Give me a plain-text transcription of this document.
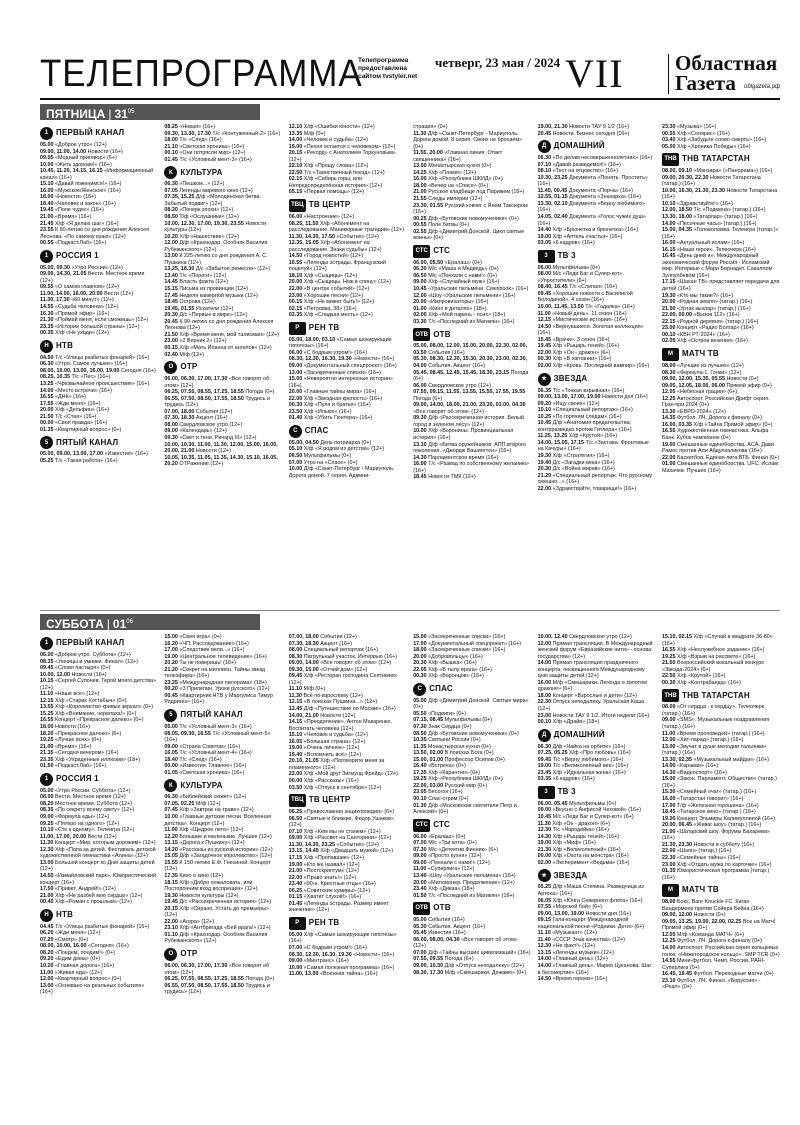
ТЕЛЕПРОГРАММА
Телепрограмма предоставлена сайтом tvstyler.net
четверг, 23 мая / 2024 VII Областная Газета	oblgazeta.рф
ПЯТНИЦА | $31^{05}$
1 ПЕРВЫЙ КАНАЛ
05.00 «Доброе утро» (12+)
09.00, 11.00, 14.00 Новости (16+)
09.05 «Модный приговор» (6+)
10.00 «Жить здорово!» (16+)
10.45, 11.20, 14.15, 16.15 «Информационный канал» (16+)
15.10 «Давай поженимся!» (16+)
16.00 «Мужское/Женское» (16+)
18.00 «Новости» (16+)
18.40 «Человек и закон» (16+)
19.45 «Поле чудес» (16+)
21.00 «Время» (16+)
21.45 Х/ф «Я делаю шаг» (16+)
23.55 К 90-летию со дня рождения Алексея Леонова. «По самому краю» (12+)
00.55 «Подкаст.Лаб» (16+)
1 РОССИЯ 1
05.00, 09.30 «Утро России» (12+)
09.00, 14.30, 21.05 Вести. Местное время (12+)
09.55 «О самом главном» (12+)
11.00, 14.00, 16.00, 20.00 Вести (12+)
11.30, 17.30 «60 минут» (12+)
14.55 «Судьба человека» (12+)
16.30 «Прямой эфир» (16+)
21.30 «Поймай меня, если сможешь» (12+)
23.35 «Истории большой страны» (12+)
00.35 Х/ф «Не уходи» (12+)
Н НТВ
04.50 Т/с «Улицы разбитых фонарей» (16+)
06.30 «Утро. Самое лучшее» (16+)
08.00, 10.00, 13.00, 16.00, 19.00 Сегодня (16+)
08.25, 10.35 Т/с «Пес» (16+)
13.25 «Чрезвычайное происшествие» (16+)
14.00 «Место встречи» (16+)
16.55 «ДНК» (16+)
17.55 «Жди меня» (16+)
20.00 Х/ф «Дельфин» (16+)
21.50 Т/с «Стая» (16+)
00.00 «Своя правда» (16+)
01.35 «Квартирный вопрос» (0+)
5 ПЯТЫЙ КАНАЛ
05.00, 09.00, 13.00, 17.00 «Известия» (16+)
05.25 Т/с «Такая работа» (16+)
08.25 «Новая» (16+)
09.30, 13.30, 17.30 Т/с «Контуженный-2» (16+)
18.00 Т/с «След» (16+)
21.10 «Светская хроника» (16+)
00.10 «Они потрясли мир» (12+)
01.45 Т/с «Условный мент-3» (16+)
К КУЛЬТУРА
06.30 «Пешком...» (12+)
07.05 Легенды мирового кино (12+)
07.35, 15.25 Д/ф «Молодинская битва. Забытый подвиг» (12+)
08.20 «Почерк эпохи» (12+)
08.50 Т/ф «Ослушники» (12+)
10.00, 12.30, 17.00, 19.30, 23.55 Новости культуры (12+)
10.20 Х/ф «Нашествие» (12+)
12.00 Д/ф «Краснодар. Особняк Василия Рубежанского» (12+)
13.00 К 225-летию со дня рождения А. С. Пушкина (12+)
13.25, 18.30 Д/с «Забытое ремесло» (12+)
13.40 Т/с «Пороги» (12+)
14.45 Власть факта (12+)
15.15 Письма из провинции (12+)
17.45 Неделя камерной музыки (12+)
18.45 Острова (12+)
19.45, 01.55 Искатели (12+)
20.30 Д/с «Первые в мире» (12+)
20.45 К 90-летию со дня рождения Алексея Леонова (12+)
21.50 Х/ф «Время меня, мой талисман» (12+)
23.00 «2 Верник 2» (12+)
00.15 Х/ф «Мать Иоанна от ангелов» (12+)
02.40 М/ф (12+)
О ОТР
06.00, 06.30, 17.00, 17.30 «Все говорят об этом» (12+)
06.25, 07.55, 08.55, 17.25, 18.55 Погода (0+)
06.55, 07.50, 08.50, 17.55, 18.50 Трудись и трудись (12+)
07.00, 18.00 События (12+)
07.30, 18.30 Акцент (16+)
08.00 Свердловское утро (12+)
09.00 «Календарь» (12+)
09.30 «Свет и тени. Ричард III» (12+)
10.00, 10.30, 11.00, 11.30, 12.00, 15.00, 16.00, 20.00, 21.00 Новости (12+)
10.05, 10.35, 11.05, 11.35, 14.30, 15.10, 16.05, 20.20 ОТРажение (12+)
12.10 Х/ф «Ошибки юности» (12+)
13.35 М/ф (0+)
14.00 «Человек и судьба» (12+)
19.00 «Песня остается с человеком» (12+)
20.15 «Рекорд» с Анатолием Торкуновым» (12+)
22.10 Х/ф «Прощу слова» (12+)
22.50 Т/с «Таинственный поезд» (12+)
02.15 Х/ф «Сибирь горы, или Непредопределённая история» (12+)
05.15 «Первая помощь» (12+)
ТВЦ ТВ ЦЕНТР
06.00 «Настроение» (12+)
08.25, 11.50 Х/ф «Абонемент на расследование. Маникюрные трагедии» (12+)
11.30, 14.30, 17.50 «События» (12+)
12.35, 15.05 Х/ф «Абонемент на расследование. Знаки судьбы» (12+)
14.50 «Город новостей» (12+)
16.55 «Легенды эстрады. Французский поцелуй» (12+)
18.10 Х/ф «Сыщицы» (12+)
20.00 Х/ф «Сыщицы. Нож в спину» (12+)
22.00 «В центре событий» (12+)
23.00 «Хорошие песни» (12+)
00.15 Х/ф «Не может быть!» (12+)
02.15 «Петровка, 38» (16+)
02.35 Х/ф «Сладкая месть» (12+)
Р	РЕН ТВ
05.00, 18.00, 03.10 «Самые шокирующие гипотезы» (16+)
06.00 «С бодрым утром!» (16+)
08.30, 12.30, 16.30, 19.30 «Новости» (16+)
09.00 «Документальный спецпроект» (16+)
13.00 «Засекреченные списки» (16+)
15.00 «Невероятно интересные истории» (16+)
20.00 «Главные тайны мира» (16+)
22.00 Х/ф «Звездная крепость» (16+)
00.30 Х/ф «Пуля и братья» (16+)
23.50 Х/ф «Ильюх» (16+)
01.40 Х/ф «Убить Гюнтера» (16+)
С СПАС
05.00, 04.50 День патриарха (0+)
05.10 Х/ф «Я родом из детства» (12+)
06.50 Мультфильмы (0+)
07.00 Утро на «Спасе» (0+)
10.00 Д/ф «Санкт-Петербург - Мариуполь. Дорога домой. 7 серия. Админи-
страция» (0+)
11.30 Д/ф «Санкт-Петербург - Мариуполь. Дорога домой. 8 серия. Своих не бросаем» (0+)
11.55, 20.00 «Главная линия. Ответ священника» (16+)
13.00 Монастырская кухня (0+)
14.25 Х/ф «Пламя» (12+)
16.00 Х/ф «Республика ШКИД» (0+)
18.00 «Вечер на «Спасе» (0+)
21.00 Русское кладбище под Парижем (16+)
21.55 Следы империи (12+)
23.30, 01.55 Русский ковчег с Яном Таксюром (16+)
00.25 Д/ф «Бутовские новомученики» (0+)
00.55 Поле битвы (0+)
02.55 Д/ф «Димитрий Донской. Цикл святые воины» (0+)
СТС СТС
06.00, 05.50 «Ералаш» (0+)
06.30 М/с «Маша и Медведь» (0+)
06.50 М/с «Поехали с нами!» (0+)
09.00 Х/ф «Случайный муж» (16+)
10.45 «Уральские пельмени. Смехbook» (16+)
12.00 «Шоу «Уральские пельмени» (16+)
20.00 «Импровизаторы» (16+)
01.00 «Кино в деталях» (18+)
02.00 Х/ф «Мой парень - псих» (18+)
03.30 Т/с «Последний из Магикян» (16+)
ОТВ ОТВ
05.00, 08.00, 12.00, 15.00, 20.00, 22.30, 02.00, 03.50 События (16+)
05.30, 08.30, 12.30, 15.30, 20.30, 23.00, 02.30, 04.00 События. Акцент (16+)
05.45, 08.45, 12.45, 15.45, 18.30, 23.15 Погода (6+)
06.00 Свердловское утро (12+)
07.55, 09.15, 11.55, 13.55, 15.55, 17.55, 19.55 Погода (6+)
09.00, 14.00, 18.00, 21.00, 23.30, 03.00, 04.30 «Все говорят об этом» (12+)
09.30 Д/ф «Рассекреченная история. Белый город в зеленом лесу» (12+)
10.00 Х/ф «Воронины. Провинциальная история» (16+)
13.10 Д/ф «Битва оружейников. АПП второго поколения. «Джордж Вашингтон» (16+)
14.30 Парламентское время (16+)
16.00 Т/с «Развод по собственному желанию» (16+)
18.45 Новости ТМК (12+)
19.00, 21.30 Новости ТАУ 9 1/2 (16+)
20.45 Новости. Бизнес сегодня (16+)
Д ДОМАШНИЙ
06.30 «По делам несовершеннолетних» (16+)
07.10 «Давай разведемся!» (16+)
08.10 «Тест на отцовство» (16+)
10.30, 23.25 Документа «Понять. Простить» (16+)
11.45, 00.45 Документа «Порча» (16+)
12.55, 01.15 Документа «Знахарка» (16+)
13.30, 02.10 Документа «Верну любимого» (16+)
14.05, 02.40 Документа «Голос чужих душ» (16+)
14.40 Х/ф «Брюнетка и брюнетка» (16+)
19.00 Х/ф «Аптель счастья» (16+)
03.05 «6 кадров» (16+)
3	ТВ 3
06.00 Мультфильмы (0+)
08.00 М/с «Леди Баг и Супер-кот». «Упростители» (6+)
08.40, 16.45 Т/с «Слепая» (16+)
09.45 «Хорошие новости с Василисой Володиной». 4 сезон (16+)
10.00, 11.45, 13.50 Т/с «Гадалка» (16+)
11.00 «Новый день». 11 сезон (16+)
12.15 «Мистические истории» (16+)
14.50 «Вернувшиеся. Золотая коллекция» (16+)
15.45 «Врачи». 3 сезон (16+)
19.45 Х/ф «Рыцарь теней» (16+)
22.00 Х/ф «Он - дракон» (6+)
00.30 Х/ф «В изгнании» (16+)
02.00 Х/ф «Кровь. Последний вампир» (16+)
★ ЗВЕЗДА
06.35 Т/с «Тонкая взрывная» (16+)
09.00, 13.00, 17.00, 19.00 Новости дня (16+)
09.20 «Ищу своих» (12+)
10.10 «Специальный репортаж» (16+)
10.25 «По горячим следам» (16+)
10.45 Д/ф «Анатомия предательства: контрразведка против Гитлера» (16+)
11.25, 13.25 Х/ф «Крутой» (16+)
14.00, 15.05, 17.15 Т/с «Застава. Фронтовые на Качуры» (16+)
19.30 Х/ф «Стратегия» (16+)
19.40 Д/с «Загадки века» (16+)
20.30 Д/с «Война миров» (16+)
21.20 «Специальный репортаж. Что русскому смешно...» (16+)
22.00 «Здравствуйте, товарищи!» (16+)
23.30 «Музыка» (16+)
00.55 Х/ф «Солярис» (16+)
03.40 Х/ф «Забудьте слово смерть» (16+)
05.00 Х/ф «Хроника Победы» (16+)
ТНВ ТНВ ТАТАРСТАН
08.00, 09.10 «Манзара» («Панорама») (16+)
09.00, 20.30, 22.30 Новости Татарстана (татар.) (16+)
10.00, 16.30, 21.30, 23.30 Новости Татарстана (16+)
10.10 «Здравствуйте!» (16+)
12.00, 18.50 Т/с «Подмена» (татар.) (16+)
13.30, 18.00 «Татарлар» (татар.) (16+)
14.00 «Песочные часы» (татар.) (16+)
15.00, 04.35 «Головоломка. Телеигра (татар.)» (16+)
16.00 «Актуальный ислам» (16+)
16.15 «Наши герои». Телеочерк (16+)
16.45 «День дней и». Международный экономический форум Россия - Исламский мир. Интервью с Мари Бернадет. Сакаллом Зулпулбевом (16+)
17.15 «Шахан ТВ» представляет передачи для детей (16+)
19.30 «Кто мы такие?» (16+)
20.00 «Родная земля» (татар.) (16+)
21.00 «Уртак кызлар» (татар.) (16+)
22.00, 00.00 «Вызов 112» (16+)
22.15 «Родной деревня» (татар.) (16+)
23.00 Концерт «Радио Болгар» (16+)
00.10 «КВН РТ-2024» (16+)
02.05 Х/ф «Остров везения» (16+)
М	МАТЧ ТВ
08.00 «Лучшие из лучших» (12+)
08.30 «Формула-1. Гонки» (12+)
09.00, 12.00, 15.35, 05.55 Новости (0+)
09.05, 12.05, 18.00, 06.00 Прямой эфир (0+)
12.05 «Небесная грация» (6+)
12.25 Автоспорт. Российская Дрифт серия. Гран-при 2024 (0+)
13.30 «ЕВРО-2024» (12+)
14.35 Футбол. ЛЧ. Дорога к финалу (0+)
16.00, 03.35 Х/ф «Тайна Прямой эфир» (0+)
16.55 Художественная гимнастика. Альфа Банк. Кубок чемпионок (0+)
19.00 Смешанные единоборства. ACA. Дави Рамос против Али Абдулхаликова (16+)
22.00 Баскетбол. Единая лига ВТБ. Финал (0+)
01.00 Смешанные единоборства. UFC. Ислам Махачев. Пучшее (16+)
СУББОТА | $01^{06}$
1 ПЕРВЫЙ КАНАЛ
06.00 «Доброе утро. Суббота» (12+)
08.35 «Умницы и умники. Финал» (12+)
09.45 «Слово пастыря» (0+)
10.00, 12.00 Новости (16+)
10.15 «Сергей Супонев. Герой моего детства» (12+)
11.10 «Наше все» (12+)
12.15 Х/ф «Старик Хоттабыч» (0+)
13.55 Х/ф «Королевство кривых зеркал» (0+)
15.25 Х/ф «Внимание, черепаха!» (0+)
16.55 Концерт «Прекрасное далеко» (0+)
18.00 Новости (16+)
18.20 «Прекрасное далеко» (6+)
19.25 «Лучше всех» (0+)
21.00 «Время» (16+)
21.35 «Сегодня вечером» (16+)
23.35 Х/ф «Украденные иллюзии» (18+)
01.50 «Подкаст.Лаб» (16+)
1 РОССИЯ 1
05.00 «Утро России. Суббота» (12+)
08.00 Вести. Местное время (12+)
08.20 Местное время. Суббота (12+)
08.35 «По секрету всему свету» (12+)
09.00 «Формула еды» (12+)
09.25 «Пятеро на одного» (12+)
10.10 «Сто к одному». Телеигра (12+)
11.00, 17.00, 20.00 Вести (12+)
11.30 Концерт «Мир, которым дорожим» (12+)
12.30 Х/ф «Папа за детей. Фестиваль детской художественной гимнастики «Алина» (12+)
13.00 Большой концерт ко Дню защиты детей (12+)
14.50 «Измайловский парк». Юмористический концерт (16+)
17.50 «Привет, Андрей!» (12+)
21.00 Х/ф «Не разбей мое сердце» (12+)
00.40 Х/ф «Роман с прошлым» (12+)
Н НТВ
04.45 Т/с «Улицы разбитых фонарей» (16+)
06.20 «Жди меня» (12+)
07.20 «Смотр» (0+)
08.00, 10.00, 16.00 «Сегодня» (16+)
08.20 «Поедем, поедим!» (0+)
09.20 «Едим дома» (0+)
10.20 «Главная дорога» (16+)
11.00 «Живая еда» (12+)
12.00 «Квартирный вопрос» (0+)
13.00 «Основано на реальных событиях» (16+)
15.00 «Своя игра» (0+)
16.20 «ЧП. Расследование» (16+)
17.00 «Следствие вели...» (16+)
19.00 «Центральное телевидение» (16+)
20.20 Ты не поверишь! (16+)
21.20 «Секрет на миллион. Тайны звезд телеэфира» (16+)
23.25 «Международная пилорама» (18+)
00.20 «З Прилепин. Уроки русского» (12+)
00.45 «Квартирник НТВ у Маргулиса Тимур Родригез» (16+)
5 ПЯТЫЙ КАНАЛ
05.00 Т/с «Условный мент-3» (16+)
08.05, 09.30, 16.55 Т/с «Условный мент-5» (16+)
09.00 «Страна Советов» (16+)
16.05 Т/с «Условный мент-4» (16+)
18.40 Т/с «След» (16+)
00.00 «Известия. Главное» (16+)
01.05 «Светская хроника» (16+)
К КУЛЬТУРА
06.30 «Библейский сюжет» (12+)
07.05, 02.25 М/ф (12+)
07.45 Х/ф «Завтрак на траве» (12+)
10.00 «Главные детские песни. Вселенная детства». Концерт (12+)
11.00 Х/ф «Щедрое лето» (12+)
12.20 Большие и маленькие. Лучшее (12+)
13.15 «Дорога к Пушкину» (12+)
14.20 «Рассказы из русской истории» (12+)
15.05 Д/ф «Загадочное королевство» (12+)
15.55 К 150-летию Е.Ф. Гнесиной. Концерт (12+)
17.35 Кино о кино (12+)
18.15 Х/ф «Добро пожаловать, или Посторонним вход воспрещен» (12+)
19.30 Новости культуры (12+)
19.45 Д/с «Рассекреченная история» (12+)
20.15 Х/ф «Сирано. Устать до премьеры» (12+)
22.00 «Агора» (12+)
23.10 Х/ф «Антбригада «Бей врага!» (12+)
01.10 Д/ф «Краснодар. Особняк Василия Рубежанского» (12+)
О ОТР
06.00, 06.30, 17.00, 17.30 «Все говорят об этом» (12+)
06.25, 07.55, 08.55, 17.25, 18.55 Погода (0+)
06.55, 07.50, 08.50, 17.55, 18.50 Трудись и трудись» (12+)
07.00, 18.00 События (12+)
07.30, 18.30 Акцент (16+)
08.00 Специальный репортаж (16+)
08.30 Патрульный участок. Интервью (16+)
09.00, 14.00 «Все говорят об этом» (12+)
09.30, 15.00 «Отчий дом» (12+)
09.45 Х/ф «Ресторан господина Септимия» (12+)
11.10 М/ф (0+)
11.30 Всё по-взрослому (12+)
12.15 «В поисках Пушкина...» (12+)
12.45 Д/ф «Путешествие по Москве» (16+)
14.00, 21.00 Новости (12+)
14.15 «Преодоление». Антон Макаренко. Воспитать человека (12+)
15.10 «Человек и судьба» (12+)
16.05 «Большая страна» (12+)
19.00 «Очень личное» (12+)
19.40 «Вспомнить всё» (12+)
20.10, 21.05 Х/ф «Поговорите меня за пламенного» (12+)
22.00 Х/ф «Мой друг Зигмунд Фрейд» (12+)
00.00 Х/ф «Рассказы» (16+)
03.50 Х/ф «Отпуск в сентябре» (12+)
ТВЦ ТВ ЦЕНТР
06.25 «Православная энциклопедия» (6+)
06.50 «Святые и близкие. Федор Ушаков» (12+)
07.10 Х/ф «Кем мы не станем» (12+)
09.00 Х/ф «Рассвет на Санторини» (12+)
11.30, 14.30, 23.25 «События» (12+)
13.15, 14.45 Х/ф «Двадцать мужей» (12+)
17.15 Х/ф «Пропавшие» (12+)
19.00 «Кто же назвал» (12+)
21.00 «Постскриптум» (12+)
22.00 «Право знать!» (12+)
23.40 «90-е. Крестные отцы» (16+)
00.25 «Советские кумиры» (12+)
01.15 «Хватит слухов!» (16+)
01.45 «Легенды эстрады. Размер имеет значение» (12+)
Р	РЕН ТВ
05.00 Х/ф «Самые шокирующие гипотезы» (16+)
07.00 «С бодрым утром!» (16+)
08.30, 12.30, 16.30, 19.30 «Новости» (16+)
09.00 «Минтранс» (16+)
10.00 «Самая полезная программа» (16+)
11.00, 13.00 «Военная тайна» (16+)
15.00 «Засекреченные списки» (16+)
17.00 «Документальный спецпроект» (16+)
18.00 «Засекреченные списки» (16+)
20.00 «Добровольцы» (16+)
20.30 Х/ф «Вышка» (16+)
22.05 Х/ф «В тылу врага» (16+)
00.30 Х/ф «Воронцов» (16+)
С СПАС
05.00 Д/ф «Димитрий Донской. Святые мира» (0+)
05.50 «Подвиги» (0+)
07.15, 08.45 Мультфильмы (0+)
07.30 Знак Сердца (0+)
08.50 Д/ф «Бутовские новомученики» (0+)
10.35 Святыни России (0+)
11.35 Монастырская кухня (0+)
13.50, 02.00 В поисках Бога (0+)
15.00, 01.00 Профессор Осипов (0+)
16.40 «Встреча» (0+)
17.35 Х/ф «Карантин» (0+)
19.25 Х/ф «Республика ШКИД» (0+)
22.00, 03.00 Русский мир (0+)
23.05 Бесогон (16+)
00.10 Спас-стрим (0+)
01.30 Д/ф «Московские святители Петр и Алексий» (0+)
СТС СТС
06.00 «Ералаш» (0+)
07.00 М/с «Три кота» (0+)
07.30 М/с «Детектив Финник» (6+)
09.00 «Просто кухня» (12+)
09.00 «Поехали с нами!» (12+)
11.00 «Суперлига» (12+)
13.40 «Шоу «Уральские пельмени» (16+)
20.00 «Миллионер. Продолжение» (12+)
23.40 Х/ф «Дикаа» (18+)
01.50 Т/с «Последний из Магикян» (16+)
ОТВ ОТВ
05.00 События (16+)
05.30 События. Акцент (16+)
05.45 Известия (16+)
06.00, 08.00, 04.30 «Все говорят об этом» (12+)
07.00 Д/ф «Тайны высших цивилизаций» (16+)
07.55, 09.55 Погода (6+)
09.00, 10.30 Д/ф «Отпуск неподалеку» (12+)
08.30, 17.30 М/ф «Смешарики. Дежавю» (0+)
10.00, 12.40 Свердловское утро (12+)
12.00 Прямая трансляция. В Международный женский форум «Евразийские нити» - основа государства» (12+)
14.00 Прямая трансляция праздничного концерта, посвященного Международному дню защиты детей (12+)
16.00 М/ф «Смешарики. Легенда о золотом драконе» (6+)
18.00 Концерт «Взрослые и дети» (12+)
22.30 Отпуск неподалеку. Уральская Каша (12+)
23.00 Новости ТАУ 9 1/2. Итоги недели (16+)
00.10 Х/ф «Драйв» (18+)
Д ДОМАШНИЙ
06.30 Д/ф «Чайка на орбите» (16+)
07.25, 05.25 Х/ф «Про любовь» (16+)
09.45 Т/с «Верну любимого» (16+)
19.00 Т/с «Великолепный век» (16+)
23.45 Х/ф «Идеальная жена» (16+)
03.35 «6 кадров» (16+)
3	ТВ 3
06.00, 05.45 Мультфильмы (0+)
09.00 «Вкусно с Анфисой Чеховой» (16+)
10.45 М/с «Леди Баг и Супер-кот» (6+)
11.30 Х/ф «Он - дракон» (6+)
12.30 Т/с «Чародейка» (16+)
14.30 Х/ф «Рыцарь теней» (16+)
19.00 Х/ф «Миф» (16+)
21.30 Х/ф «Великолепный» (16+)
00.00 Х/ф «Охота на монстра» (16+)
02.00 «Эксперимент «Ведьма» (16+)
★ ЗВЕЗДА
05.25 Д/ф «Маша Степина. Разведчица из Артека» (16+)
06.05 Х/ф «Юнга Северного флота» (16+)
07.55 «Морской бой» (6+)
09.00, 13.00, 19.00 Новости дня (16+)
09.15 Гала-концерт Международной национальной песни «Родники. Дети» (6+)
11.10 «Музыкант» (12+)
11.40 «СССР. Знак качества» (12+)
12.30 «Не факт!» (12+)
13.15 «Легенды музыки» (12+)
14.00 «Главный день» (12+)
14.00 «Главный день». Мария Цуканова. Шаг в бессмертие» (16+)
14.50 «Время героев» (16+)
15.10, 02.15 Х/ф «Случай в квадрате 36-80» (16+)
16.55 Х/ф «Неслужебное задание» (16+)
19.25 Х/ф «Взрыв на рассвете» (16+)
21.50 Всероссийский вокальный конкурс «Звезда-2024» (6+)
22.50 Х/ф «Крутой» (16+)
00.30 Х/ф «Контрабанда» (16+)
ТНВ ТНВ ТАТАРСТАН
08.00 «От сердца - к сердцу». Телеочерк (татар.) (16+)
09.00 «SMS». Музыкальные поздравления (татар.) (16+)
11.00 «Время проповедей» (татар.) (16+)
12.00 «Хит-парад» (татар.) (16+)
13.00 «Звучат в душе мелодии тальянки» (татар.) (16+)
13.30, 02.35 «Музыкальный майдан» (16+)
14.00 «Караваи» (16+)
14.30 «Видеоспорт» (16+)
15.00 «Закон. Парламент. Общество» (татар.) (16+)
15.30 «Семейный очаг» (татар.) (16+)
16.00 «Татарстан говорит» (16+)
17.00 Т/ф «Железная горошина» (16+)
18.45 «Татарское кино» (татар.) (16+)
19.00 Концерт Эльмиры Калимуллиной (16+)
20.00, 06.45 «Живаг шоу» (татар.) (16+)
21.00 «Шатарский шоу. Форумы Бахарева» (16+)
21.30, 23.30 Новости в субботу (16+)
22.00 «Шаян» (татар.) (16+)
22.30 «Семейные тайны» (16+)
23.00 Х/ф «Отдать мужа по карточке» (16+)
01.35 Юмористическая программа (татар.) (16+)
М	МАТЧ ТВ
08.00 Бокс. Bare Knuckle FC. Киган Вандермеер против Сойера Бейна (16+)
09.00, 12.00 Новости (0+)
09.05, 13.25, 19.00, 22.00, 02.25 Все на Матч! Прямой эфир (0+)
12.05 М/ф «Команда МАТЧ» (6+)
12.25 Футбол. ЛЧ. Дорога к финалу (0+)
14.00 Автоспорт. Российская серия кольцевых гонок. «Нижегородское кольцо». SMP TCR (0+)
14.55 Мини-футбол. Чемп. России. PARI-Суперлига (0+)
16.45, 19.45 Футбол. Переходные матчи (0+)
23.10 Футбол. ЛЧ. Финал. «Боруссия» - «Реал» (0+)
